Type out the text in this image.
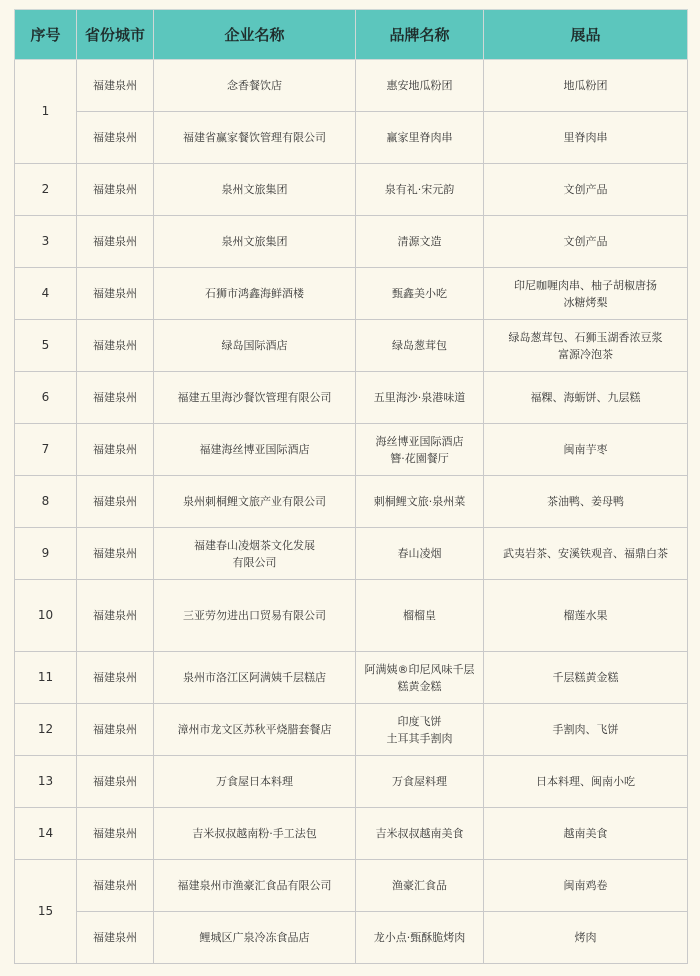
序号	省份城市	企业名称	品牌名称	展品
1	福建泉州	念香餐饮店	惠安地瓜粉团	地瓜粉团
	福建泉州	福建省赢家餐饮管理有限公司	赢家里脊肉串	里脊肉串
2	福建泉州	泉州文旅集团	泉有礼·宋元韵	文创产品
3	福建泉州	泉州文旅集团	清源文造	文创产品
4	福建泉州	石狮市鸿鑫海鲜酒楼	甄鑫美小吃	印尼咖喱肉串、柚子胡椒唐扬
冰糖烤梨
5	福建泉州	绿岛国际酒店	绿岛葱茸包	绿岛葱茸包、石狮玉湖香浓豆浆
富源冷泡茶
6	福建泉州	福建五里海沙餐饮管理有限公司	五里海沙·泉港味道	福粿、海蛎饼、九层糕
7	福建泉州	福建海丝博亚国际酒店	海丝博亚国际酒店
簪·花園餐厅	闽南芋枣
8	福建泉州	泉州刺桐鲤文旅产业有限公司	刺桐鲤文旅·泉州菜	茶油鸭、姜母鸭
9	福建泉州	福建春山凌烟茶文化发展
有限公司	春山凌烟	武夷岩茶、安溪铁观音、福鼎白茶
10	福建泉州	三亚劳勿进出口贸易有限公司	榴榴皇	榴莲水果
11	福建泉州	泉州市洛江区阿满姨千层糕店	阿满姨®印尼风味千层
糕黄金糕	千层糕黄金糕
12	福建泉州	漳州市龙文区苏秋平烧腊套餐店	印度飞饼
土耳其手割肉	手割肉、飞饼
13	福建泉州	万食屋日本料理	万食屋料理	日本料理、闽南小吃
14	福建泉州	吉米叔叔越南粉·手工法包	吉米叔叔越南美食	越南美食
15	福建泉州	福建泉州市渔豪汇食品有限公司	渔豪汇食品	闽南鸡卷
	福建泉州	鲤城区广泉冷冻食品店	龙小点·甄酥脆烤肉	烤肉
